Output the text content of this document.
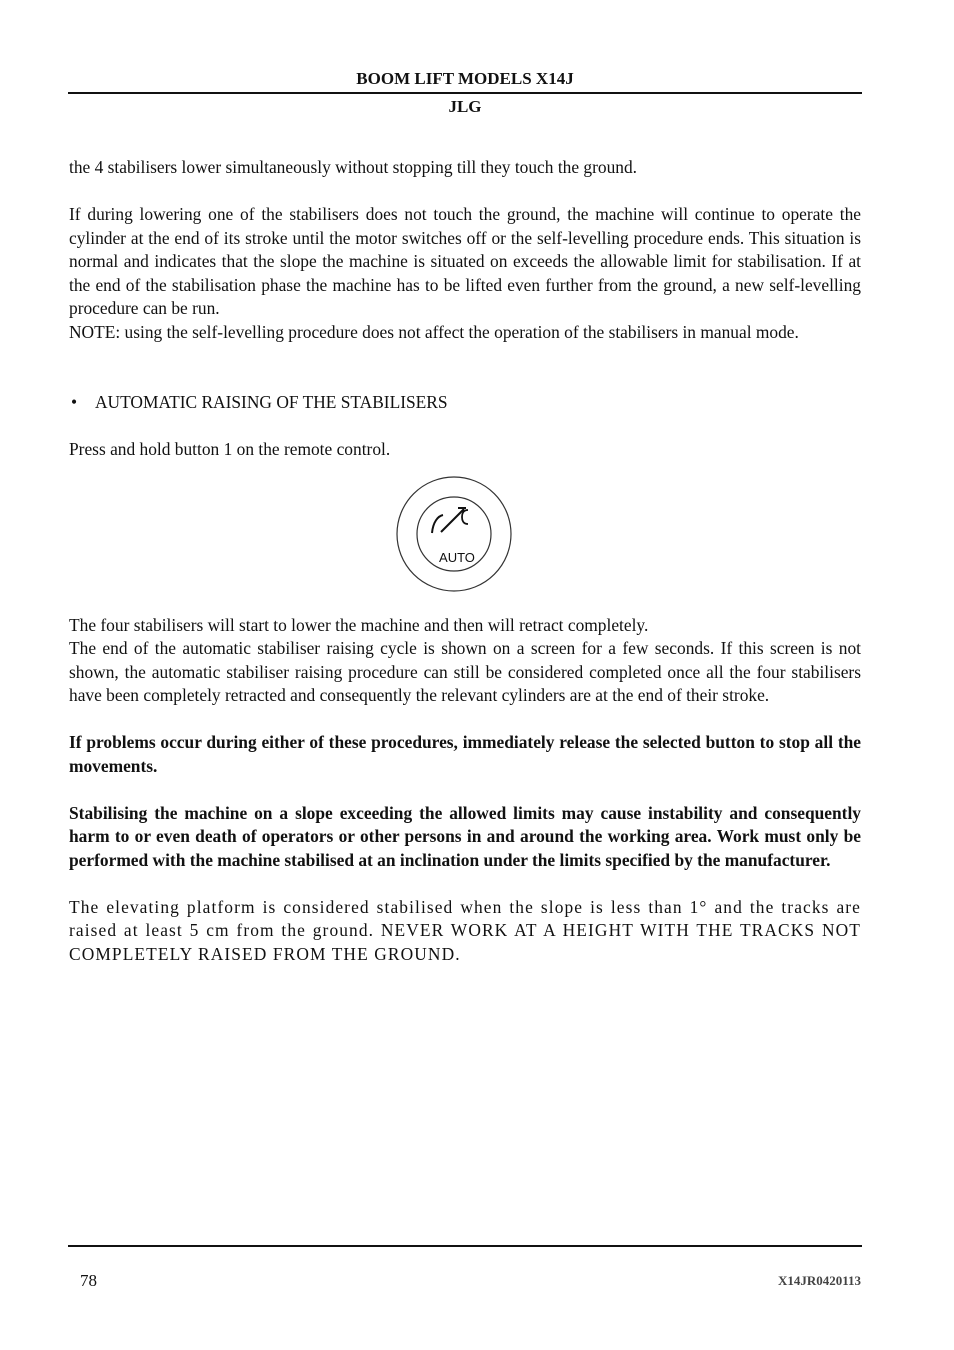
BOOM LIFT MODELS X14J
JLG

the 4 stabilisers lower simultaneously without stopping till they touch the ground.

If during lowering one of the stabilisers does not touch the ground, the machine will continue to operate the cylinder at the end of its stroke until the motor switches off or the self-levelling procedure ends. This situation is normal and indicates that the slope the machine is situated on exceeds the allowable limit for stabilisation. If at the end of the stabilisation phase the machine has to be lifted even further from the ground, a new self-levelling procedure can be run.

NOTE: using the self-levelling procedure does not affect the operation of the stabilisers in manual mode.

•	AUTOMATIC RAISING OF THE STABILISERS

Press and hold button 1 on the remote control.

AUTO

The four stabilisers will start to lower the machine and then will retract completely.

The end of the automatic stabiliser raising cycle is shown on a screen for a few seconds. If this screen is not shown, the automatic stabiliser raising procedure can still be considered completed once all the four stabilisers have been completely retracted and consequently the relevant cylinders are at the end of their stroke.

If problems occur during either of these procedures, immediately release the selected button to stop all the movements.

Stabilising the machine on a slope exceeding the allowed limits may cause instability and consequently harm to or even death of operators or other persons in and around the working area. Work must only be performed with the machine stabilised at an inclination under the limits specified by the manufacturer.

The elevating platform is considered stabilised when the slope is less than 1° and the tracks are raised at least 5 cm from the ground. NEVER WORK AT A HEIGHT WITH THE TRACKS NOT COMPLETELY RAISED FROM THE GROUND.

78	X14JR0420113
